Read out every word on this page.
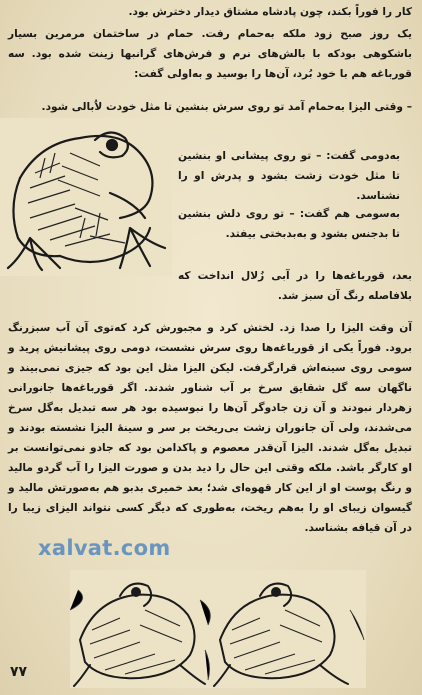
کار را فوراً بکند، چون پادشاه مشتاق دیدار دخترش بود.

یک روز صبح زود ملکه به‌حمام رفت. حمام در ساختمان مرمرین بسیار باشکوهی بودکه با بالش‌های نرم و فرش‌های گرانبها زینت شده بود. سه قورباغه هم با خود بُرد، آن‌ها را بوسید و به‌اولی گفت:

– وقتی الیزا به‌حمام آمد تو روی سرش بنشین تا مثل خودت لاُبالی شود.

به‌دومی گفت: – تو روی پیشانی او بنشین تا مثل خودت زشت بشود و پدرش او را نشناسد.

به‌سومی هم گفت: – تو روی دلش بنشین تا بدجنس بشود و به‌بدبختی بیفتد.

بعد، قورباغه‌ها را در آبی زُلال انداخت که بلافاصله رنگ آن سبز شد.

آن وقت الیزا را صدا زد. لختش کرد و مجبورش کرد که‌توی آن آب سبزرنگ برود. فوراً یکی از قورباغه‌ها روی سرش نشست، دومی روی پیشانیش پرید و سومی روی سینه‌اش قرارگرفت. لیکن الیزا مثل این بود که جیزی نمی‌بیند و ناگهان سه گل شقایق سرخ بر آب شناور شدند. اگر قورباغه‌ها جانورانی زهردار نبودند و آن زن جادوگر آن‌ها را نبوسیده بود هر سه تبدیل به‌گل سرخ می‌شدند، ولی آن جانوران زشت بی‌ریخت بر سر و سینهٔ الیزا نشسته بودند و تبدیل به‌گل شدند. الیزا آن‌قدر معصوم و پاکدامن بود که جادو نمی‌توانست بر او کارگر باشد. ملکه وقتی این حال را دید بدن و صورت الیزا را آب گردو مالید و رنگ پوست او از این کار قهوه‌ای شد؛ بعد خمیری بدبو هم به‌صورتش مالید و گیسوان زیبای او را به‌هم ریخت، به‌طوری که دیگر کسی نتواند الیزای زیبا را در آن قیافه بشناسد.

xalvat.com
۷۷
